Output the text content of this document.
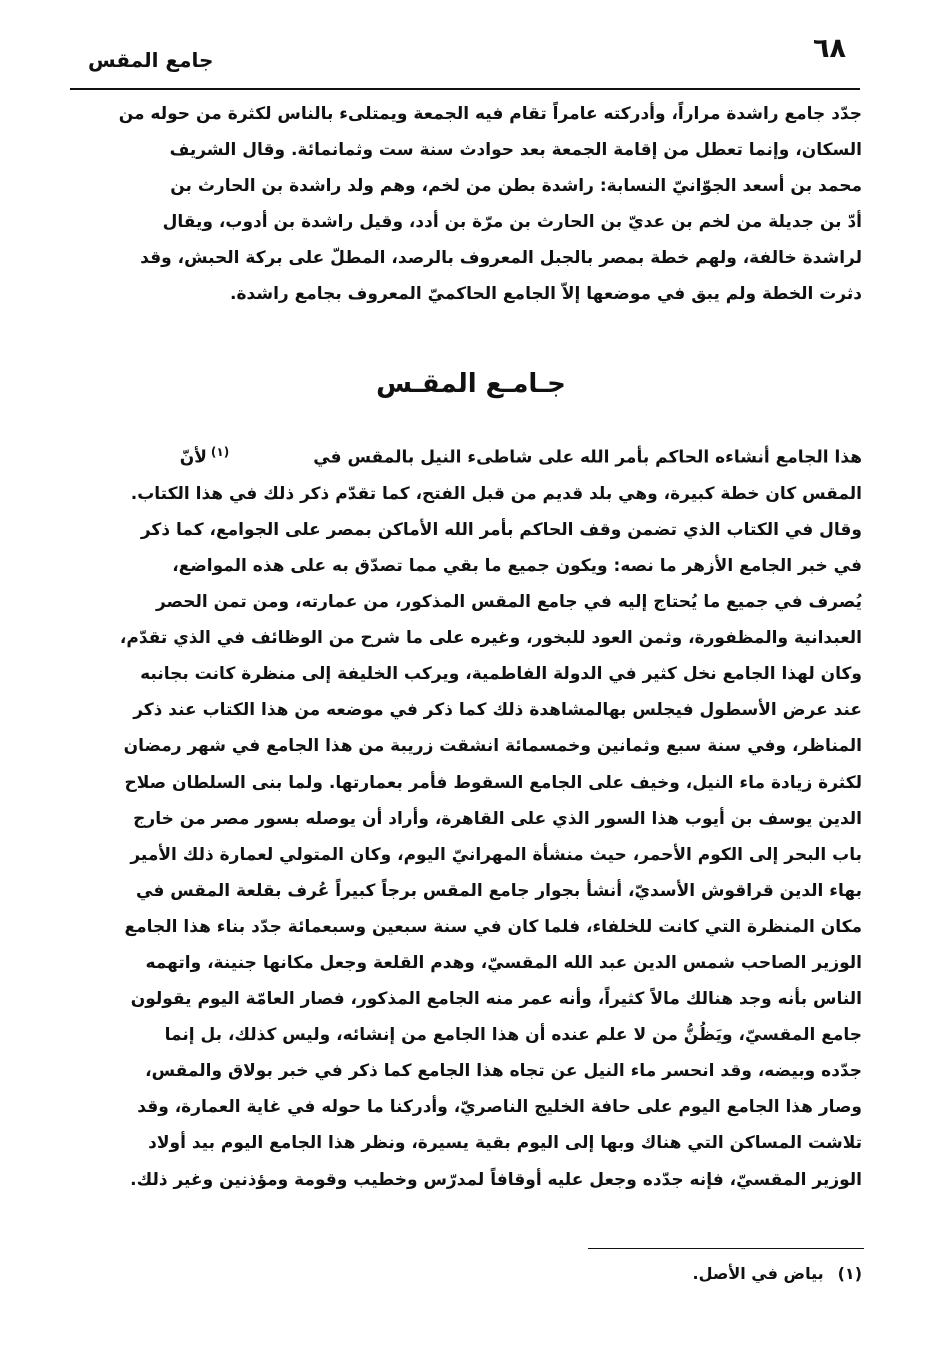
٦٨
جامع المقس
جدّد جامع راشدة مراراً، وأدركته عامراً تقام فيه الجمعة ويمتلىء بالناس لكثرة من حوله من
السكان، وإنما تعطل من إقامة الجمعة بعد حوادث سنة ست وثمانمائة. وقال الشريف
محمد بن أسعد الجوّانيّ النسابة: راشدة بطن من لخم، وهم ولد راشدة بن الحارث بن
أدّ بن جديلة من لخم بن عديّ بن الحارث بن مرّة بن أدد، وقيل راشدة بن أدوب، ويقال
لراشدة خالفة، ولهم خطة بمصر بالجبل المعروف بالرصد، المطلّ على بركة الحبش، وقد
دثرت الخطة ولم يبق في موضعها إلاّ الجامع الحاكميّ المعروف بجامع راشدة.
جـامـع المقـس
هذا الجامع أنشاءه الحاكم بأمر الله على شاطىء النيل بالمقس في$^{(١)}$لأنّ
المقس كان خطة كبيرة، وهي بلد قديم من قبل الفتح، كما تقدّم ذكر ذلك في هذا الكتاب.
وقال في الكتاب الذي تضمن وقف الحاكم بأمر الله الأماكن بمصر على الجوامع، كما ذكر
في خبر الجامع الأزهر ما نصه: ويكون جميع ما بقي مما تصدّق به على هذه المواضع،
يُصرف في جميع ما يُحتاج إليه في جامع المقس المذكور، من عمارته، ومن تمن الحصر
العبدانية والمظفورة، وثمن العود للبخور، وغيره على ما شرح من الوظائف في الذي تقدّم،
وكان لهذا الجامع نخل كثير في الدولة الفاطمية، ويركب الخليفة إلى منظرة كانت بجانبه
عند عرض الأسطول فيجلس بهالمشاهدة ذلك كما ذكر في موضعه من هذا الكتاب عند ذكر
المناظر، وفي سنة سبع وثمانين وخمسمائة انشقت زريبة من هذا الجامع في شهر رمضان
لكثرة زيادة ماء النيل، وخيف على الجامع السقوط فأمر بعمارتها. ولما بنى السلطان صلاح
الدين يوسف بن أيوب هذا السور الذي على القاهرة، وأراد أن يوصله بسور مصر من خارج
باب البحر إلى الكوم الأحمر، حيث منشأة المهرانيّ اليوم، وكان المتولي لعمارة ذلك الأمير
بهاء الدين قراقوش الأسديّ، أنشأ بجوار جامع المقس برجاً كبيراً عُرف بقلعة المقس في
مكان المنظرة التي كانت للخلفاء، فلما كان في سنة سبعين وسبعمائة جدّد بناء هذا الجامع
الوزير الصاحب شمس الدين عبد الله المقسيّ، وهدم القلعة وجعل مكانها جنينة، واتهمه
الناس بأنه وجد هنالك مالاً كثيراً، وأنه عمر منه الجامع المذكور، فصار العامّة اليوم يقولون
جامع المقسيّ، ويَظُنُّ من لا علم عنده أن هذا الجامع من إنشائه، وليس كذلك، بل إنما
جدّده وبيضه، وقد انحسر ماء النيل عن تجاه هذا الجامع كما ذكر في خبر بولاق والمقس،
وصار هذا الجامع اليوم على حافة الخليج الناصريّ، وأدركنا ما حوله في غاية العمارة، وقد
تلاشت المساكن التي هناك وبها إلى اليوم بقية يسيرة، ونظر هذا الجامع اليوم بيد أولاد
الوزير المقسيّ، فإنه جدّده وجعل عليه أوقافاً لمدرّس وخطيب وقومة ومؤذنين وغير ذلك.
(١)بياض في الأصل.
